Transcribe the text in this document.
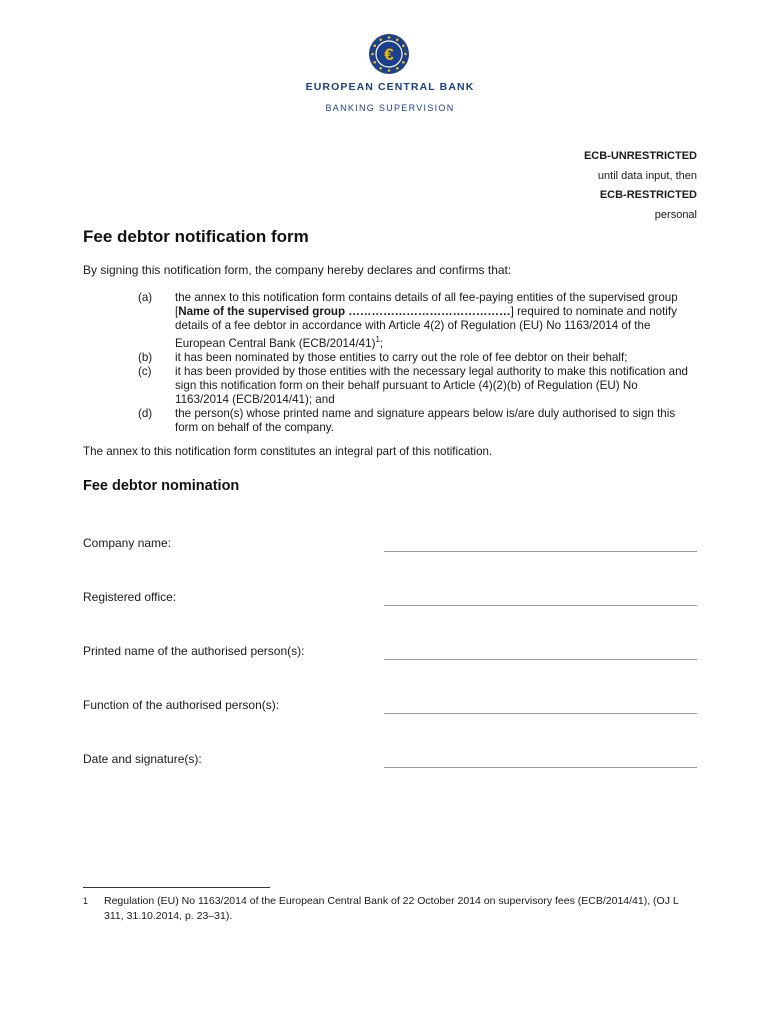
€
EUROPEAN CENTRAL BANK
BANKING SUPERVISION
ECB-UNRESTRICTED
until data input, then
ECB-RESTRICTED
personal
Fee debtor notification form
By signing this notification form, the company hereby declares and confirms that:
(a)	the annex to this notification form contains details of all fee-paying entities of the supervised group [Name of the supervised group ……………………………………] required to nominate and notify details of a fee debtor in accordance with Article 4(2) of Regulation (EU) No 1163/2014 of the European Central Bank $(ECB/2014/41)^1$;
(b)	it has been nominated by those entities to carry out the role of fee debtor on their behalf;
(c)	it has been provided by those entities with the necessary legal authority to make this notification and sign this notification form on their behalf pursuant to Article (4)(2)(b) of Regulation (EU) No 1163/2014 (ECB/2014/41); and
(d)	the person(s) whose printed name and signature appears below is/are duly authorised to sign this form on behalf of the company.
The annex to this notification form constitutes an integral part of this notification.
Fee debtor nomination
Company name:
Registered office:
Printed name of the authorised person(s):
Function of the authorised person(s):
Date and signature(s):
1	Regulation (EU) No 1163/2014 of the European Central Bank of 22 October 2014 on supervisory fees (ECB/2014/41), (OJ L 311, 31.10.2014, p. 23–31).
